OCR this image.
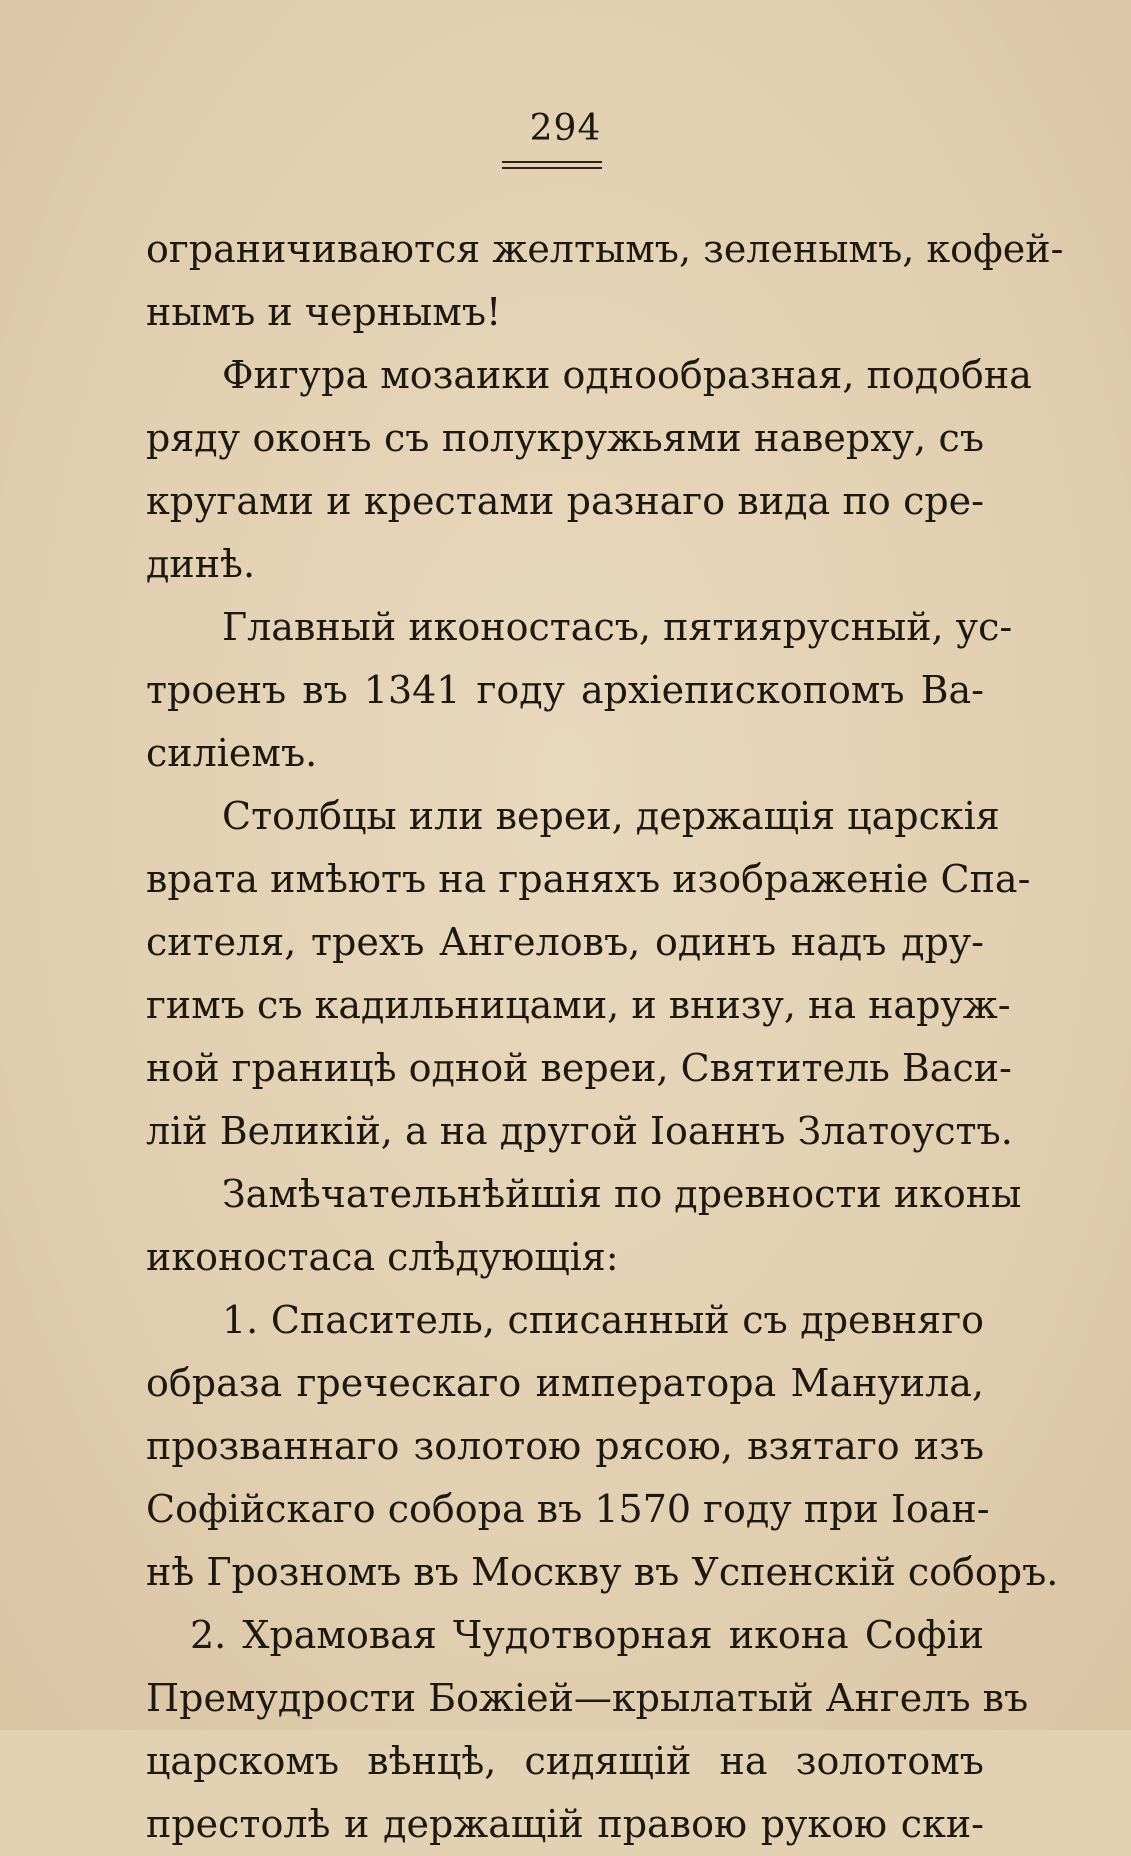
294
ограничиваются желтымъ, зеленымъ, кофей-
нымъ и чернымъ!
Фигура мозаики однообразная, подобна
ряду оконъ съ полукружьями наверху, съ
кругами и крестами разнаго вида по сре-
динѣ.
Главный иконостасъ, пятиярусный, ус-
троенъ въ 1341 году архіепископомъ Ва-
силіемъ.
Столбцы или вереи, держащія царскія
врата имѣютъ на граняхъ изображеніе Спа-
сителя, трехъ Ангеловъ, одинъ надъ дру-
гимъ съ кадильницами, и внизу, на наруж-
ной границѣ одной вереи, Святитель Васи-
лій Великій, а на другой Іоаннъ Златоустъ.
Замѣчательнѣйшія по древности иконы
иконостаса слѣдующія:
1. Спаситель, списанный съ древняго
образа греческаго императора Мануила,
прозваннаго золотою рясою, взятаго изъ
Софійскаго собора въ 1570 году при Іоан-
нѣ Грозномъ въ Москву въ Успенскій соборъ.
2. Храмовая Чудотворная икона Софіи
Премудрости Божіей—крылатый Ангелъ въ
царскомъ вѣнцѣ, сидящій на золотомъ
престолѣ и держащій правою рукою ски-
